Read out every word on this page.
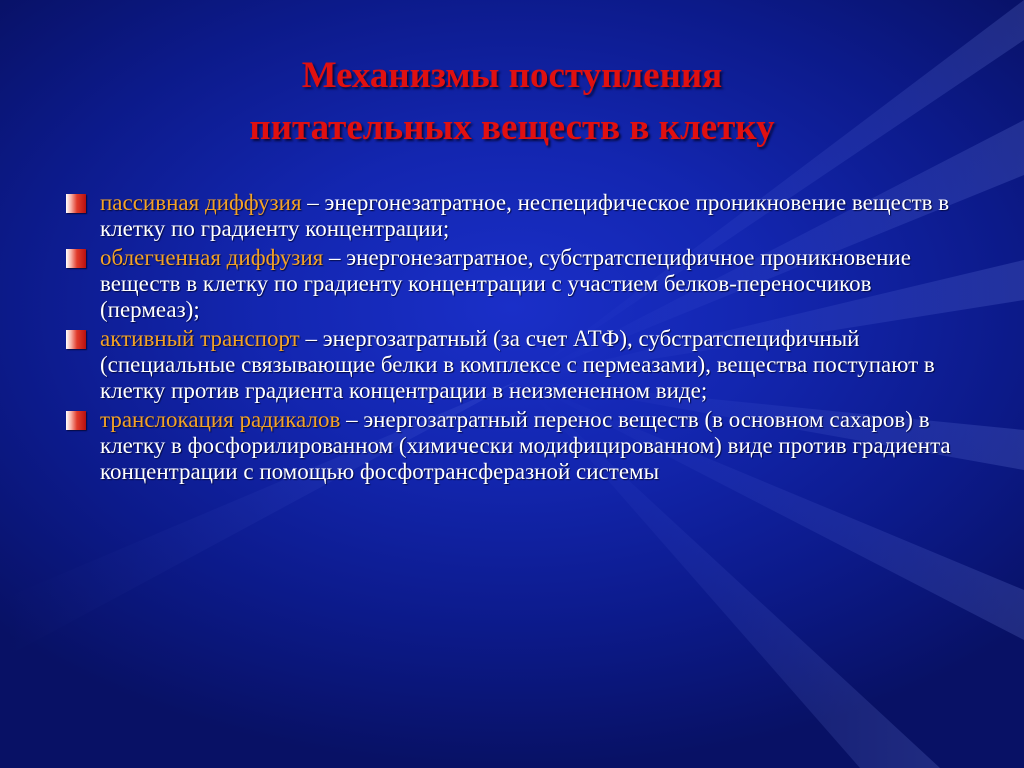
Механизмы поступления
питательных веществ в клетку
пассивная диффузия – энергонезатратное, неспецифическое проникновение веществ в клетку по градиенту концентрации;
облегченная диффузия – энергонезатратное, субстратспецифичное проникновение веществ в клетку по градиенту концентрации с участием белков-переносчиков (пермеаз);
активный транспорт – энергозатратный (за счет АТФ), субстратспецифичный (специальные связывающие белки в комплексе с пермеазами), вещества поступают в клетку против градиента концентрации в неизмененном виде;
транслокация радикалов – энергозатратный перенос веществ (в основном сахаров) в клетку в фосфорилированном (химически модифицированном) виде против градиента концентрации с помощью фосфотрансферазной системы
